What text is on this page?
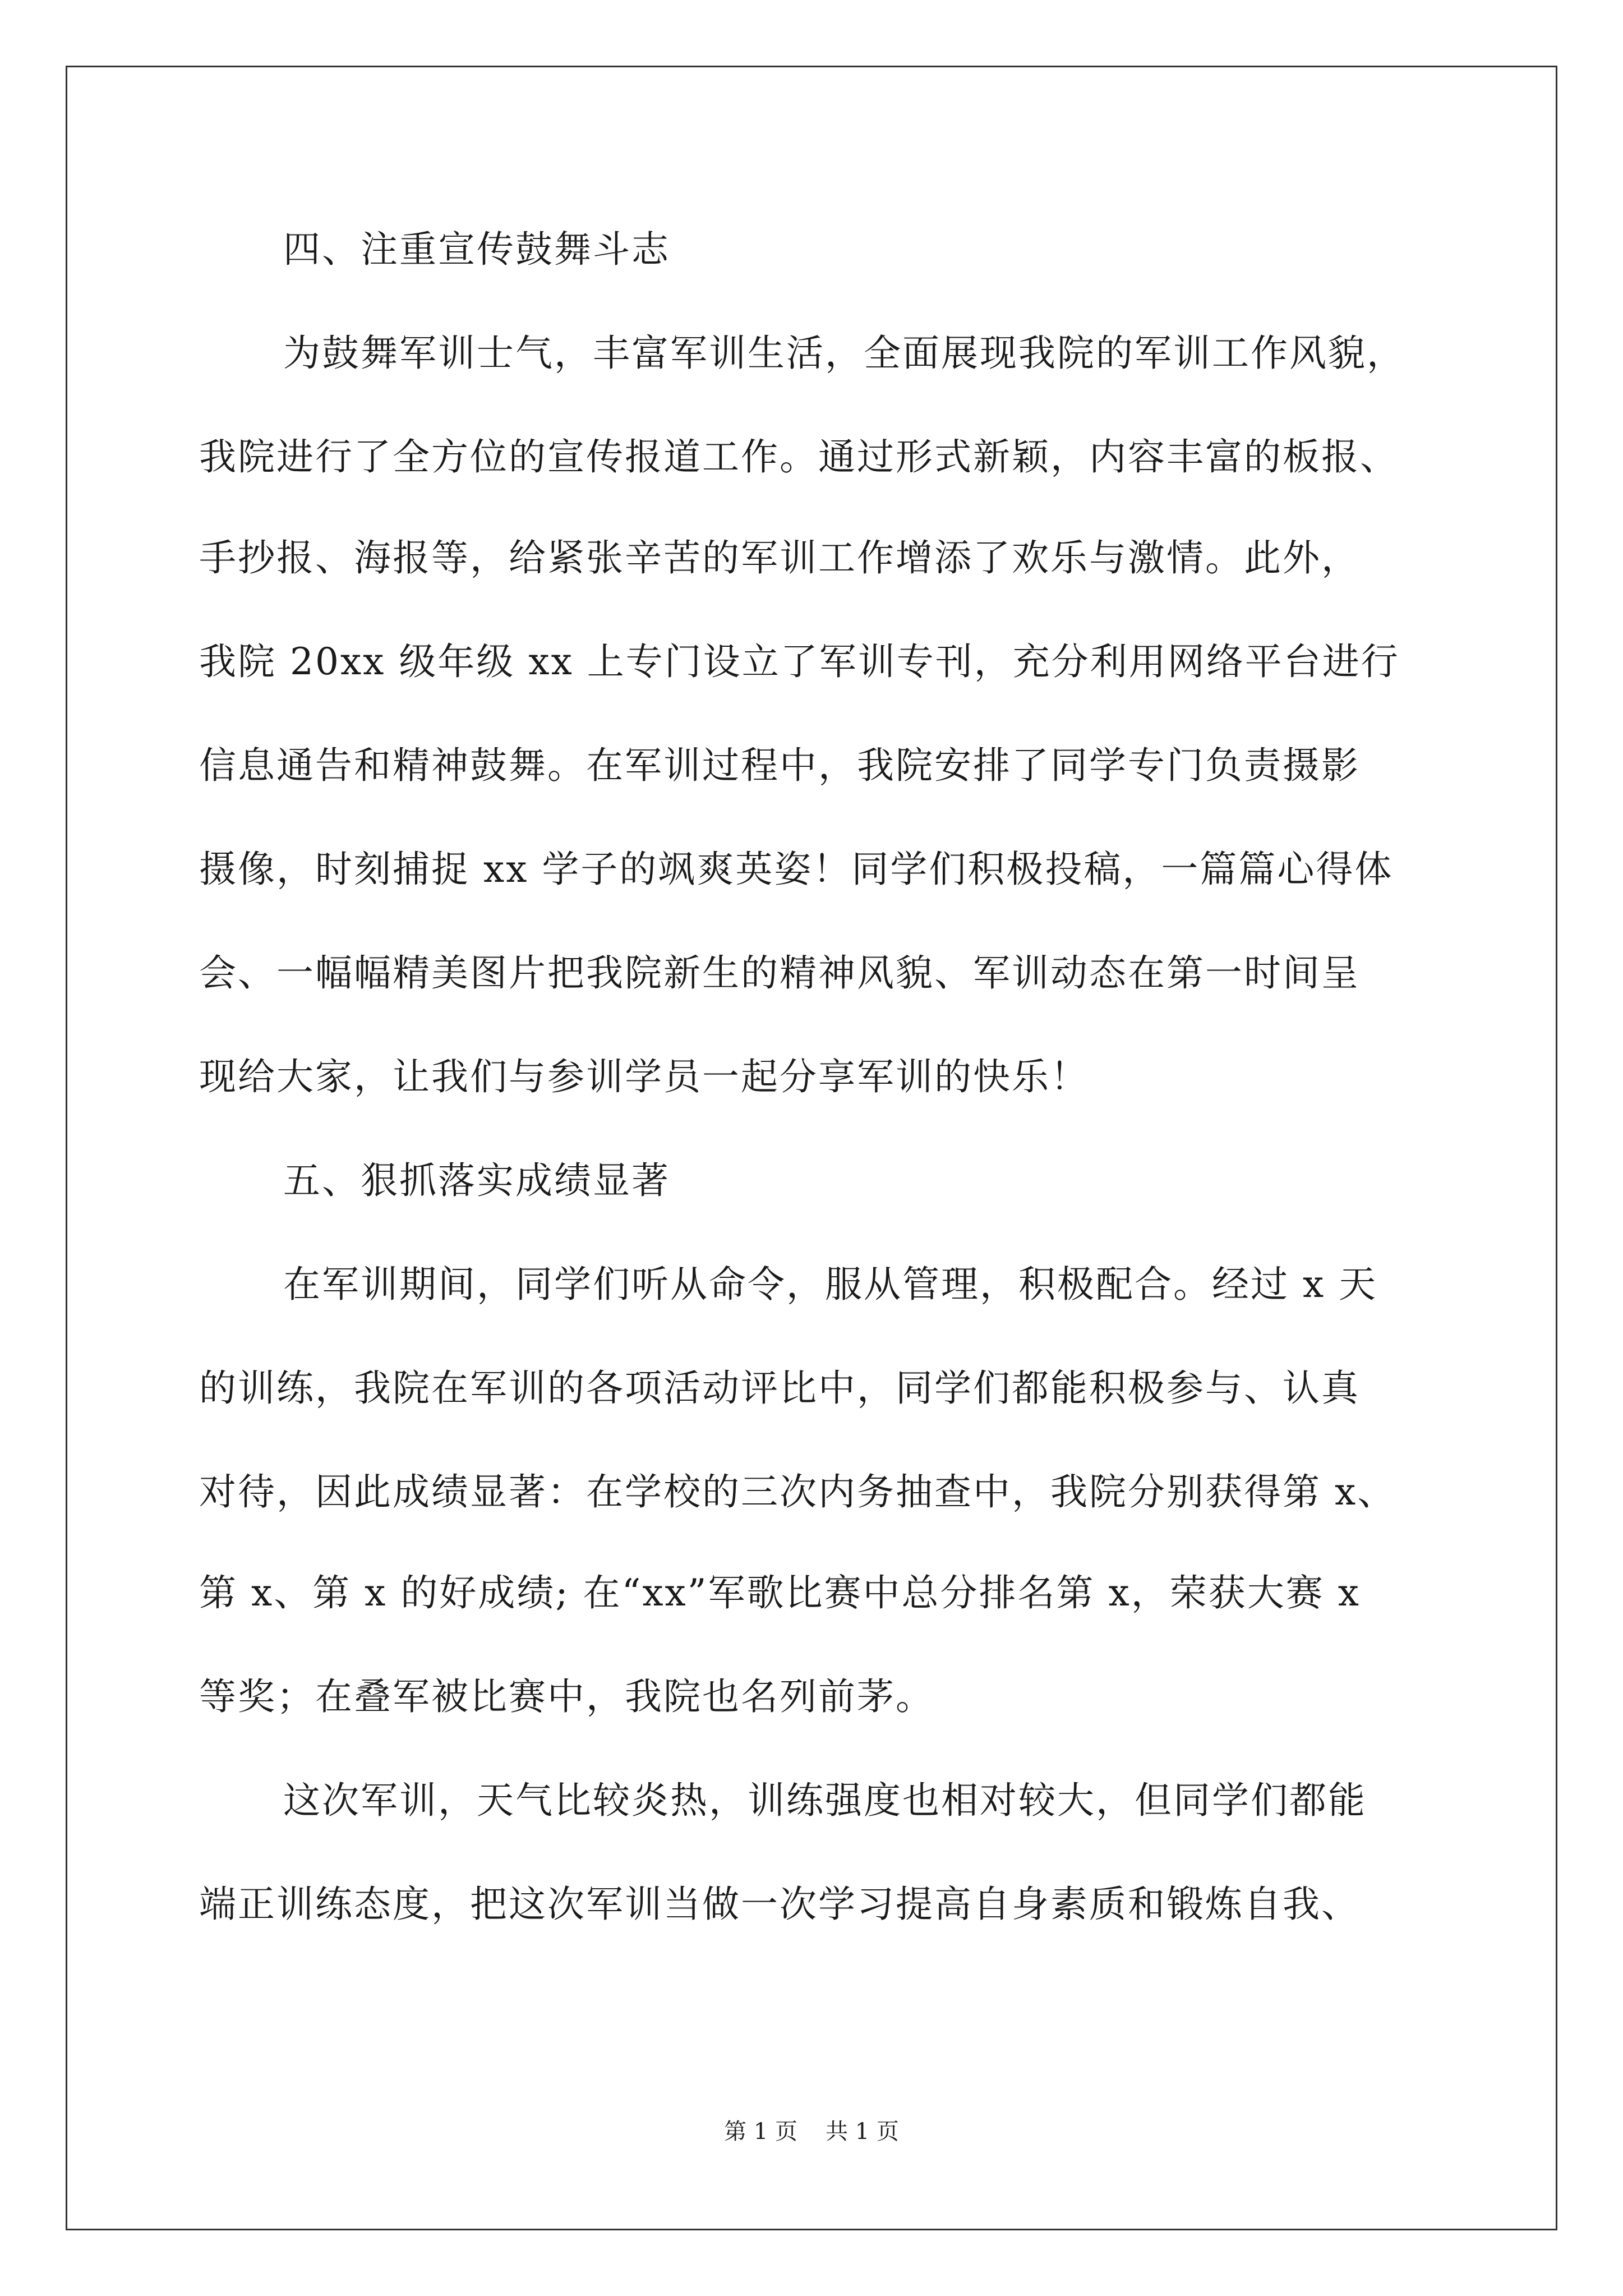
四、注重宣传鼓舞斗志
为鼓舞军训士气，丰富军训生活，全面展现我院的军训工作风貌，
我院进行了全方位的宣传报道工作。通过形式新颖，内容丰富的板报、
手抄报、海报等，给紧张辛苦的军训工作增添了欢乐与激情。此外，
我院 20xx 级年级 xx 上专门设立了军训专刊，充分利用网络平台进行
信息通告和精神鼓舞。在军训过程中，我院安排了同学专门负责摄影
摄像，时刻捕捉 xx 学子的飒爽英姿！同学们积极投稿，一篇篇心得体
会、一幅幅精美图片把我院新生的精神风貌、军训动态在第一时间呈
现给大家，让我们与参训学员一起分享军训的快乐！
五、狠抓落实成绩显著
在军训期间，同学们听从命令，服从管理，积极配合。经过 x 天
的训练，我院在军训的各项活动评比中，同学们都能积极参与、认真
对待，因此成绩显著：在学校的三次内务抽查中，我院分别获得第 x、
第 x、第 x 的好成绩; 在“xx”军歌比赛中总分排名第 x，荣获大赛 x
等奖；在叠军被比赛中，我院也名列前茅。
这次军训，天气比较炎热，训练强度也相对较大，但同学们都能
端正训练态度，把这次军训当做一次学习提高自身素质和锻炼自我、
第 1 页 共 1 页
